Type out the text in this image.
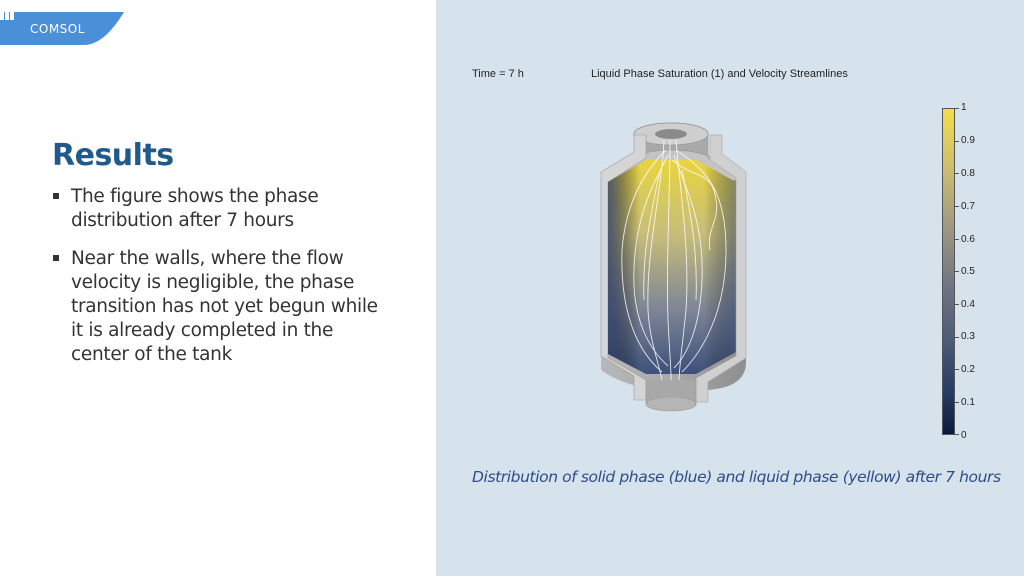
COMSOL
Results
The figure shows the phase distribution after 7 hours
Near the walls, where the flow velocity is negligible, the phase transition has not yet begun while it is already completed in the center of the tank
Time = 7 h	Liquid Phase Saturation (1) and Velocity Streamlines
1
0.9
0.8
0.7
0.6
0.5
0.4
0.3
0.2
0.1
0
Distribution of solid phase (blue) and liquid phase (yellow) after 7 hours
